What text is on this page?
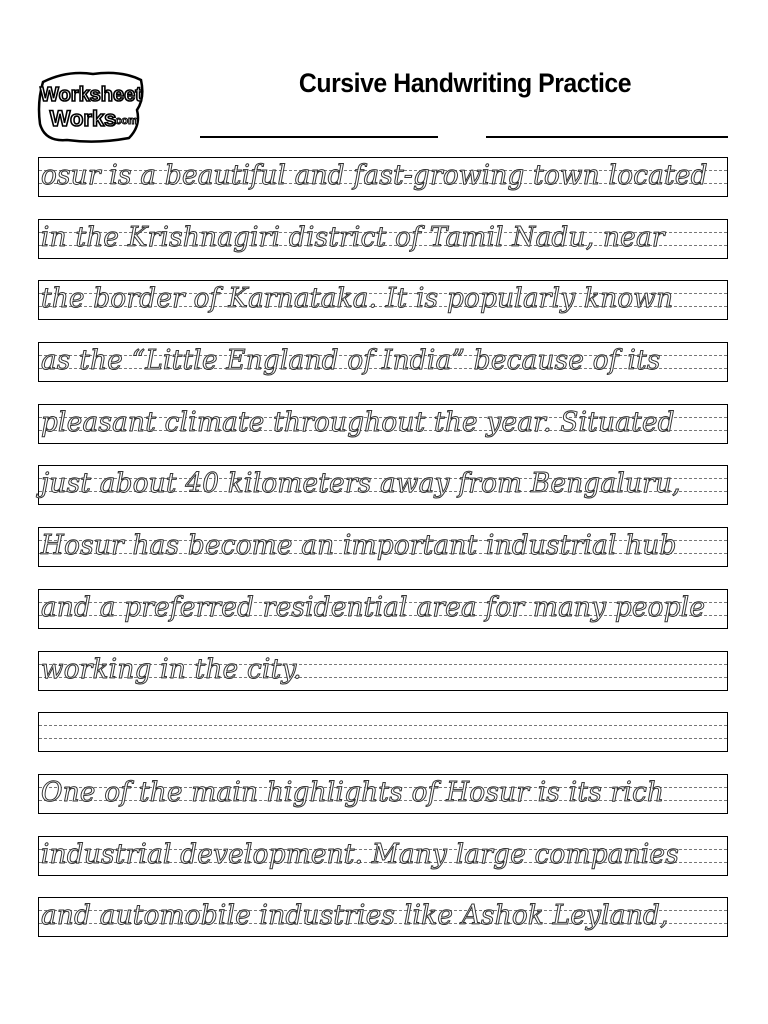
Worksheet
Works
.com
Cursive Handwriting Practice
osur is a beautiful and fast-growing town located
in the Krishnagiri district of Tamil Nadu, near
the border of Karnataka. It is popularly known
as the “Little England of India” because of its
pleasant climate throughout the year. Situated
just about 40 kilometers away from Bengaluru,
Hosur has become an important industrial hub
and a preferred residential area for many people
working in the city.
One of the main highlights of Hosur is its rich
industrial development. Many large companies
and automobile industries like Ashok Leyland,
